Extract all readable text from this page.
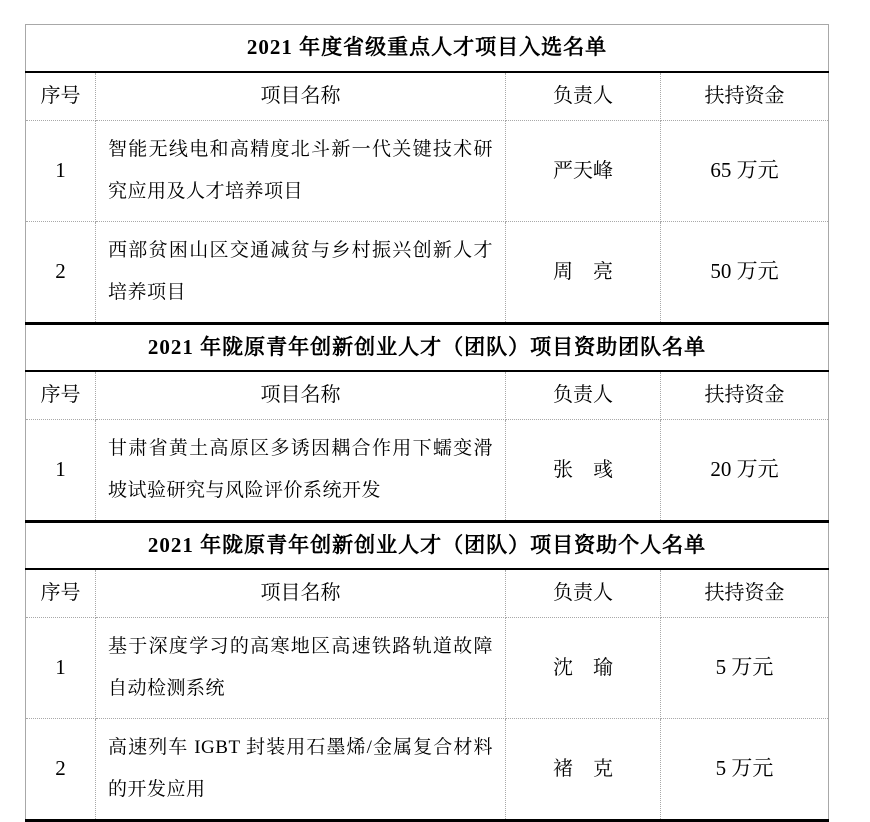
2021 年度省级重点人才项目入选名单			
序号	项目名称	负责人	扶持资金
1	智能无线电和高精度北斗新一代关键技术研究应用及人才培养项目	严天峰	65 万元
2	西部贫困山区交通减贫与乡村振兴创新人才培养项目	周　亮	50 万元
2021 年陇原青年创新创业人才（团队）项目资助团队名单			
序号	项目名称	负责人	扶持资金
1	甘肃省黄土高原区多诱因耦合作用下蠕变滑坡试验研究与风险评价系统开发	张　彧	20 万元
2021 年陇原青年创新创业人才（团队）项目资助个人名单			
序号	项目名称	负责人	扶持资金
1	基于深度学习的高寒地区高速铁路轨道故障自动检测系统	沈　瑜	5 万元
2	高速列车 IGBT 封装用石墨烯/金属复合材料的开发应用	褚　克	5 万元
